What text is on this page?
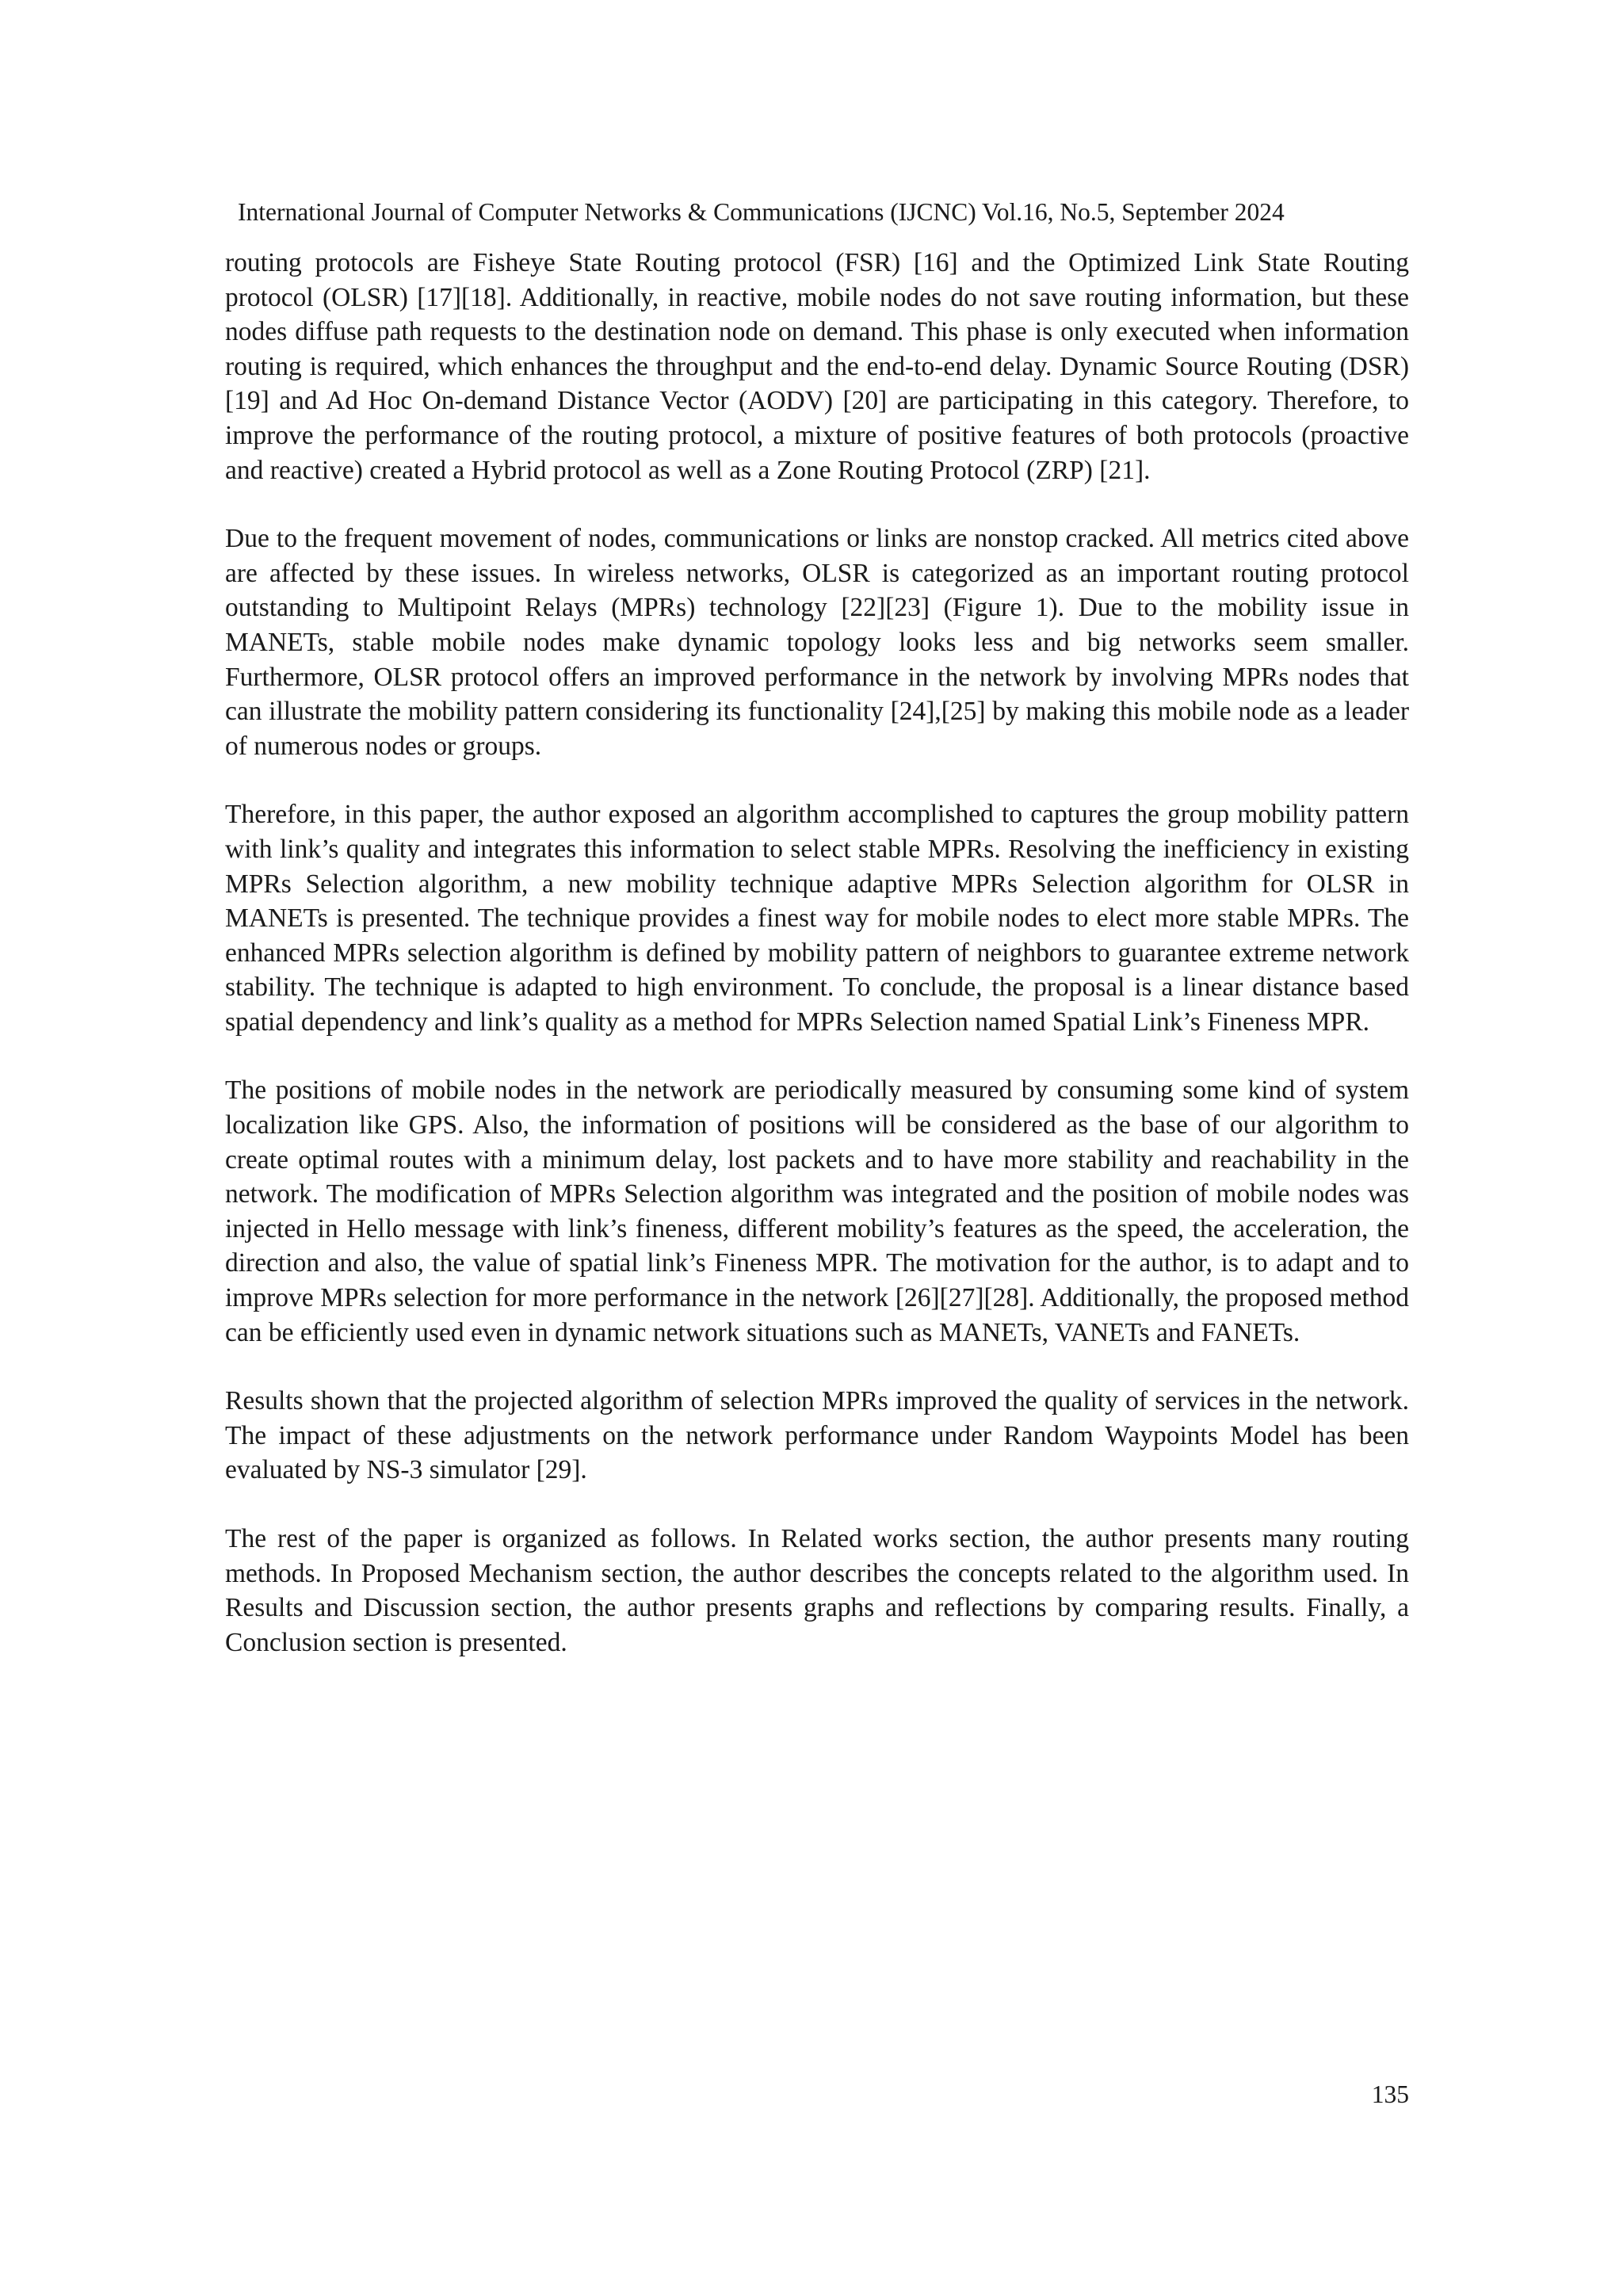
International Journal of Computer Networks & Communications (IJCNC) Vol.16, No.5, September 2024

routing protocols are Fisheye State Routing protocol (FSR) [16] and the Optimized Link State Routing protocol (OLSR) [17][18]. Additionally, in reactive, mobile nodes do not save routing information, but these nodes diffuse path requests to the destination node on demand. This phase is only executed when information routing is required, which enhances the throughput and the end-to-end delay. Dynamic Source Routing (DSR) [19] and Ad Hoc On-demand Distance Vector (AODV) [20] are participating in this category. Therefore, to improve the performance of the routing protocol, a mixture of positive features of both protocols (proactive and reactive) created a Hybrid protocol as well as a Zone Routing Protocol (ZRP) [21].

Due to the frequent movement of nodes, communications or links are nonstop cracked. All metrics cited above are affected by these issues. In wireless networks, OLSR is categorized as an important routing protocol outstanding to Multipoint Relays (MPRs) technology [22][23] (Figure 1). Due to the mobility issue in MANETs, stable mobile nodes make dynamic topology looks less and big networks seem smaller. Furthermore, OLSR protocol offers an improved performance in the network by involving MPRs nodes that can illustrate the mobility pattern considering its functionality [24],[25] by making this mobile node as a leader of numerous nodes or groups.

Therefore, in this paper, the author exposed an algorithm accomplished to captures the group mobility pattern with link’s quality and integrates this information to select stable MPRs. Resolving the inefficiency in existing MPRs Selection algorithm, a new mobility technique adaptive MPRs Selection algorithm for OLSR in MANETs is presented. The technique provides a finest way for mobile nodes to elect more stable MPRs. The enhanced MPRs selection algorithm is defined by mobility pattern of neighbors to guarantee extreme network stability. The technique is adapted to high environment. To conclude, the proposal is a linear distance based spatial dependency and link’s quality as a method for MPRs Selection named Spatial Link’s Fineness MPR.

The positions of mobile nodes in the network are periodically measured by consuming some kind of system localization like GPS. Also, the information of positions will be considered as the base of our algorithm to create optimal routes with a minimum delay, lost packets and to have more stability and reachability in the network. The modification of MPRs Selection algorithm was integrated and the position of mobile nodes was injected in Hello message with link’s fineness, different mobility’s features as the speed, the acceleration, the direction and also, the value of spatial link’s Fineness MPR. The motivation for the author, is to adapt and to improve MPRs selection for more performance in the network [26][27][28]. Additionally, the proposed method can be efficiently used even in dynamic network situations such as MANETs, VANETs and FANETs.

Results shown that the projected algorithm of selection MPRs improved the quality of services in the network. The impact of these adjustments on the network performance under Random Waypoints Model has been evaluated by NS-3 simulator [29].

The rest of the paper is organized as follows. In Related works section, the author presents many routing methods. In Proposed Mechanism section, the author describes the concepts related to the algorithm used. In Results and Discussion section, the author presents graphs and reflections by comparing results. Finally, a Conclusion section is presented.

135
